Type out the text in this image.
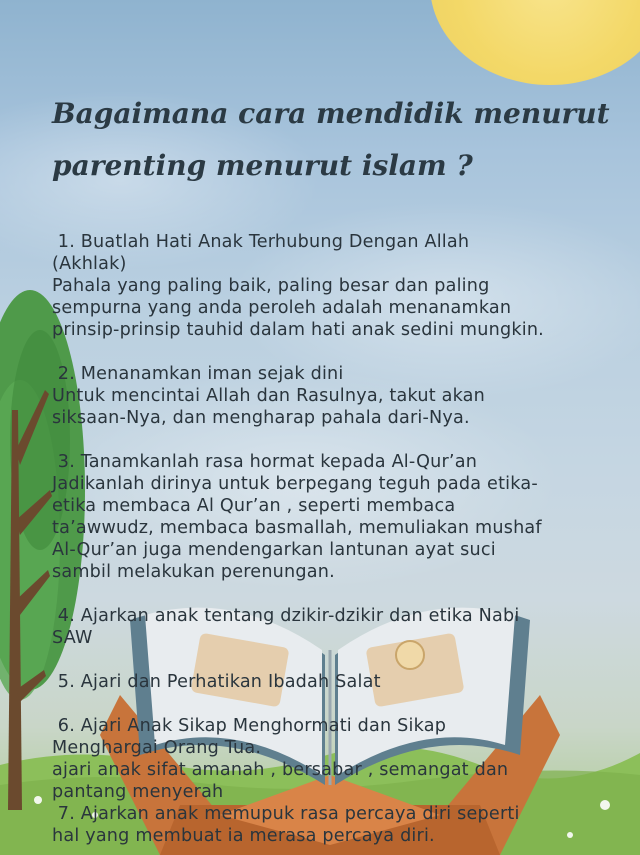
Bagaimana cara mendidik menurut
parenting menurut islam ?

1. Buatlah Hati Anak Terhubung Dengan Allah
(Akhlak)
Pahala yang paling baik, paling besar dan paling
sempurna yang anda peroleh adalah menanamkan
prinsip-prinsip tauhid dalam hati anak sedini mungkin.

2. Menanamkan iman sejak dini
Untuk mencintai Allah dan Rasulnya, takut akan
siksaan-Nya, dan mengharap pahala dari-Nya.

3. Tanamkanlah rasa hormat kepada Al-Qur’an
Jadikanlah dirinya untuk berpegang teguh pada etika-
etika membaca Al Qur’an , seperti membaca
ta’awwudz, membaca basmallah, memuliakan mushaf
Al-Qur’an juga mendengarkan lantunan ayat suci
sambil melakukan perenungan.

4. Ajarkan anak tentang dzikir-dzikir dan etika Nabi
SAW

5. Ajari dan Perhatikan Ibadah Salat

6. Ajari Anak Sikap Menghormati dan Sikap
Menghargai Orang Tua.
ajari anak sifat amanah , bersabar , semangat dan
pantang menyerah

7. Ajarkan anak memupuk rasa percaya diri seperti
hal yang membuat ia merasa percaya diri.
